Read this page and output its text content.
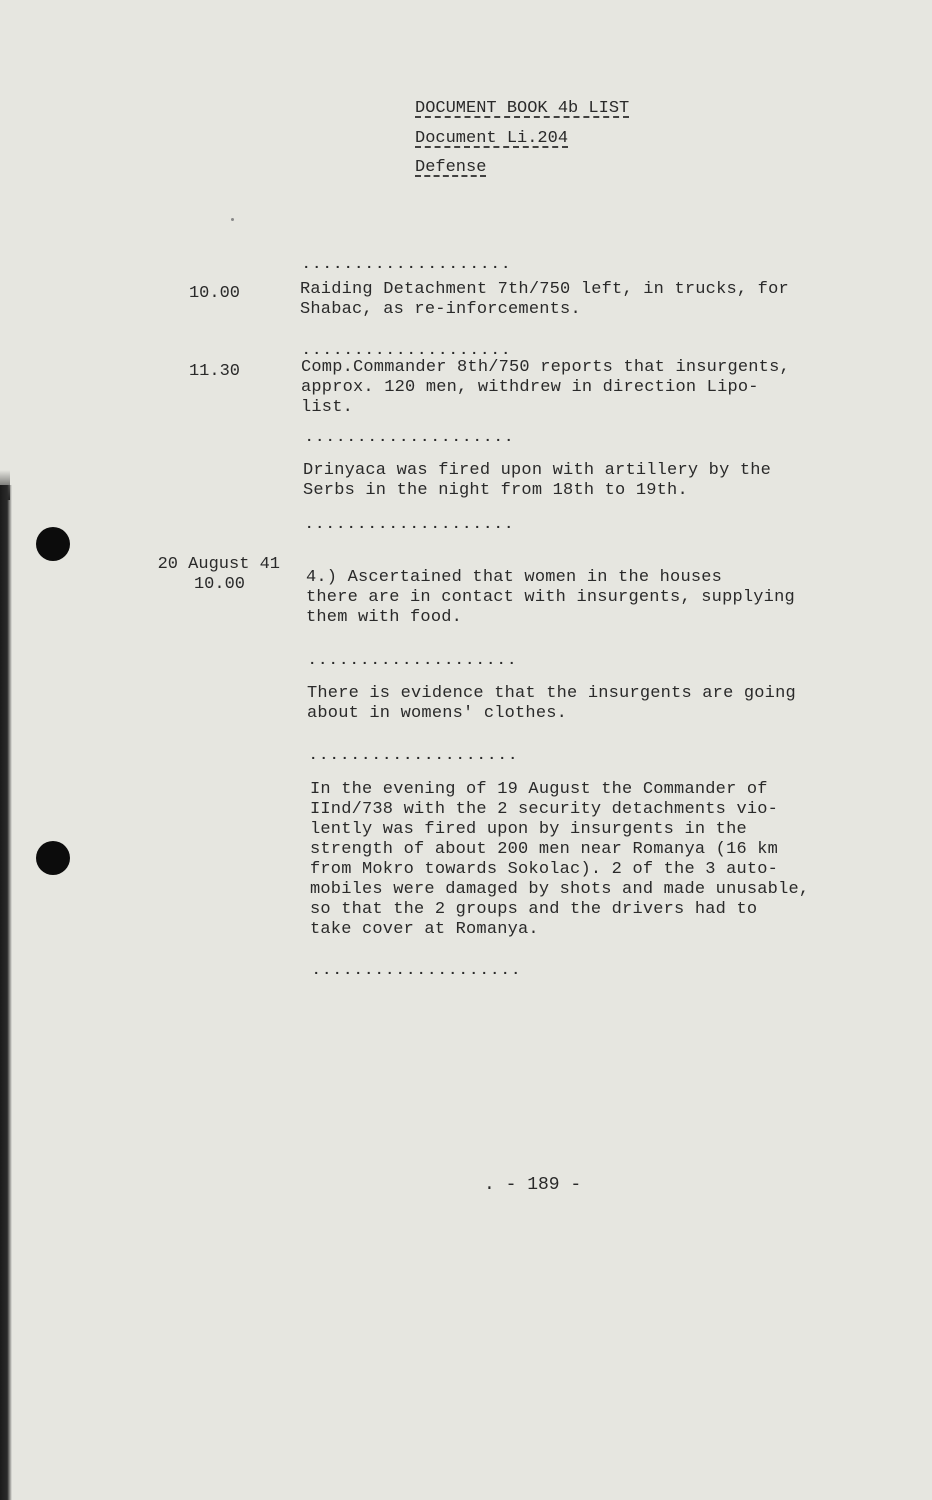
DOCUMENT BOOK 4b LIST
Document Li.204
Defense
....................
10.00	Raiding Detachment 7th/750 left, in trucks, for
Shabac, as re-inforcements.
....................
11.30	Comp.Commander 8th/750 reports that insurgents,
approx. 120 men, withdrew in direction Lipo-
list.
....................
Drinyaca was fired upon with artillery by the
Serbs in the night from 18th to 19th.
....................
20 August 41
10.00	4.) Ascertained that women in the houses
there are in contact with insurgents, supplying
them with food.
....................
There is evidence that the insurgents are going
about in womens' clothes.
....................
In the evening of 19 August the Commander of
IInd/738 with the 2 security detachments vio-
lently was fired upon by insurgents in the
strength of about 200 men near Romanya (16 km
from Mokro towards Sokolac). 2 of the 3 auto-
mobiles were damaged by shots and made unusable,
so that the 2 groups and the drivers had to
take cover at Romanya.
....................
. - 189 -
